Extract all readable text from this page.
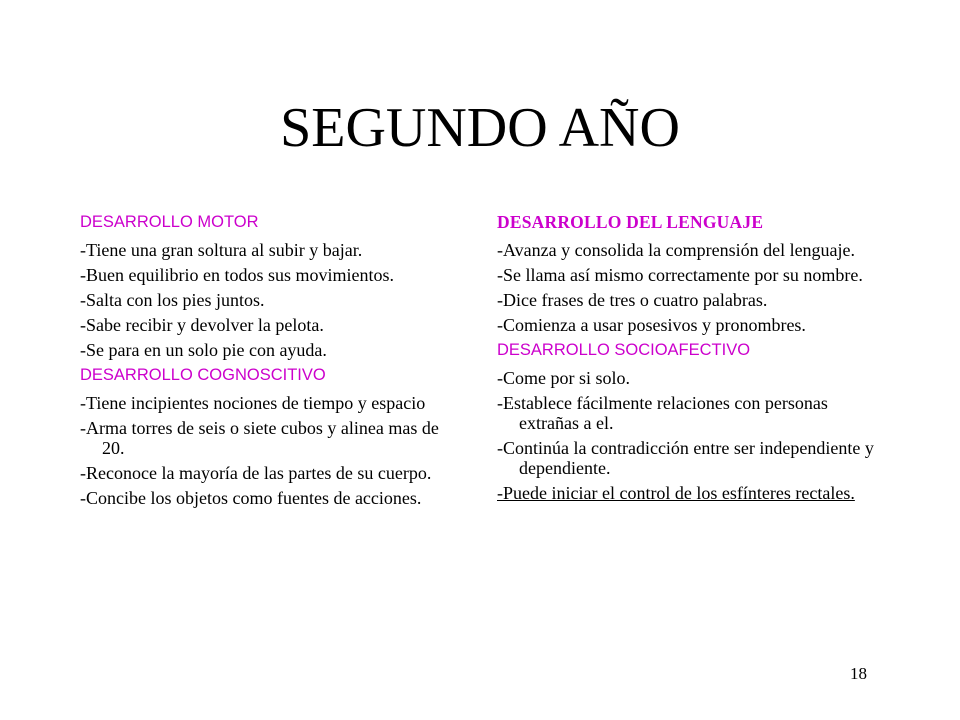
SEGUNDO AÑO
DESARROLLO MOTOR
-Tiene una gran soltura al subir y bajar.
-Buen equilibrio en todos sus movimientos.
-Salta con los pies juntos.
-Sabe recibir y devolver la pelota.
-Se para en un solo pie con ayuda.
DESARROLLO COGNOSCITIVO
-Tiene incipientes nociones de tiempo y espacio
-Arma torres de seis o siete cubos y alinea mas de 20.
-Reconoce la mayoría de las partes de su cuerpo.
-Concibe los objetos como fuentes de acciones.
DESARROLLO DEL LENGUAJE
-Avanza y consolida la comprensión del lenguaje.
-Se llama así mismo correctamente por su nombre.
-Dice frases de tres o cuatro palabras.
-Comienza a usar posesivos y pronombres.
DESARROLLO SOCIOAFECTIVO
-Come por si solo.
-Establece fácilmente relaciones con personas extrañas a el.
-Continúa la contradicción entre ser independiente y dependiente.
-Puede iniciar el control de los esfínteres rectales.
18
